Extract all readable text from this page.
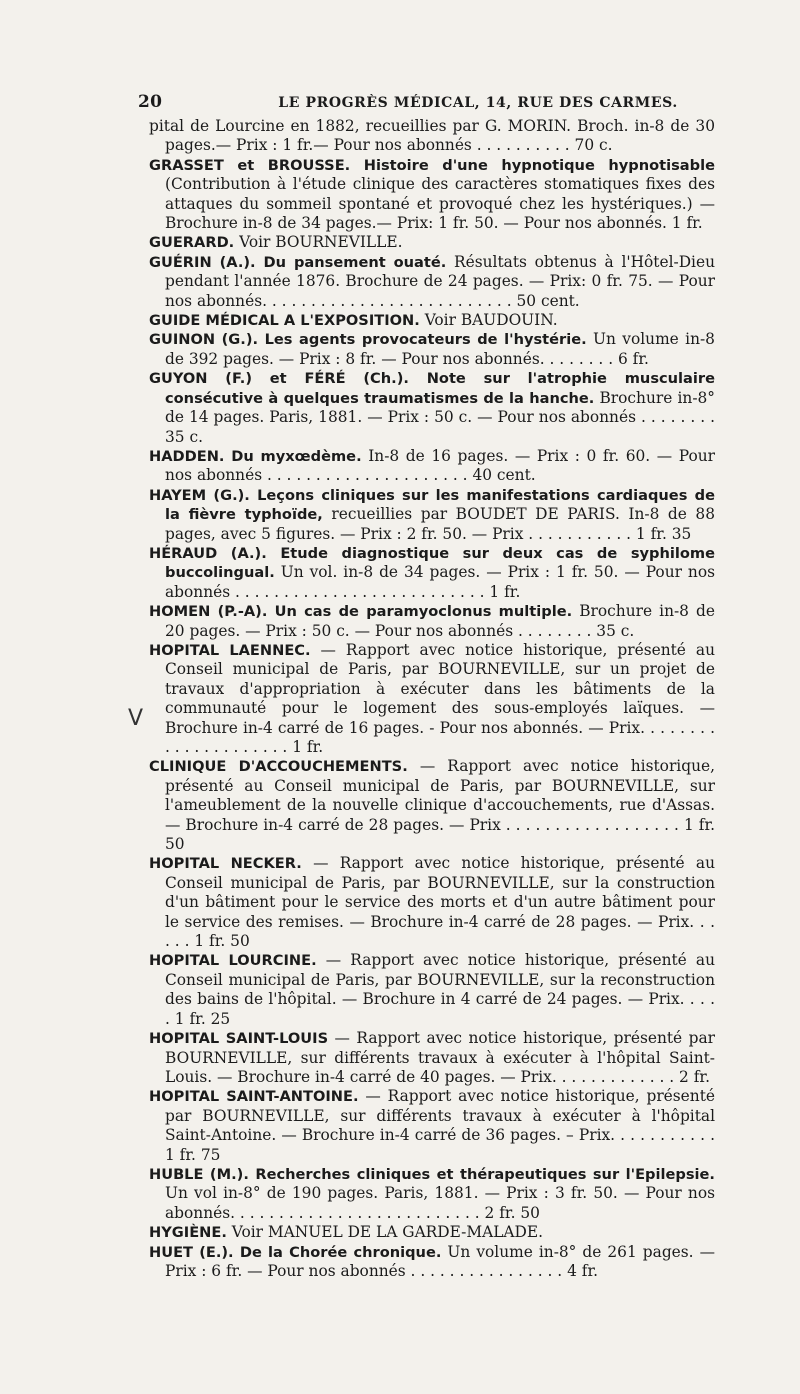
20	LE PROGRÈS MÉDICAL, 14, RUE DES CARMES.
V

pital de Lourcine en 1882, recueillies par G. MORIN. Broch. in-8 de 30 pages.— Prix : 1 fr.— Pour nos abonnés . . . . . . . . . . 70 c.

GRASSET et BROUSSE. Histoire d'une hypnotique hypnotisable (Contribution à l'étude clinique des caractères stomatiques fixes des attaques du sommeil spontané et provoqué chez les hystériques.) — Brochure in-8 de 34 pages.— Prix: 1 fr. 50. — Pour nos abonnés. 1 fr.

GUERARD. Voir BOURNEVILLE.

GUÉRIN (A.). Du pansement ouaté. Résultats obtenus à l'Hôtel-Dieu pendant l'année 1876. Brochure de 24 pages. — Prix: 0 fr. 75. — Pour nos abonnés. . . . . . . . . . . . . . . . . . . . . . . . . . 50 cent.

GUIDE MÉDICAL A L'EXPOSITION. Voir BAUDOUIN.

GUINON (G.). Les agents provocateurs de l'hystérie. Un volume in-8 de 392 pages. — Prix : 8 fr. — Pour nos abonnés. . . . . . . . 6 fr.

GUYON (F.) et FÉRÉ (Ch.). Note sur l'atrophie musculaire consécutive à quelques traumatismes de la hanche. Brochure in-8° de 14 pages. Paris, 1881. — Prix : 50 c. — Pour nos abonnés . . . . . . . . 35 c.

HADDEN. Du myxœdème. In-8 de 16 pages. — Prix : 0 fr. 60. — Pour nos abonnés . . . . . . . . . . . . . . . . . . . . . 40 cent.

HAYEM (G.). Leçons cliniques sur les manifestations cardiaques de la fièvre typhoïde, recueillies par BOUDET DE PARIS. In-8 de 88 pages, avec 5 figures. — Prix : 2 fr. 50. — Prix . . . . . . . . . . . 1 fr. 35

HÉRAUD (A.). Etude diagnostique sur deux cas de syphilome buccolingual. Un vol. in-8 de 34 pages. — Prix : 1 fr. 50. — Pour nos abonnés . . . . . . . . . . . . . . . . . . . . . . . . . . 1 fr.

HOMEN (P.-A). Un cas de paramyoclonus multiple. Brochure in-8 de 20 pages. — Prix : 50 c. — Pour nos abonnés . . . . . . . . 35 c.

HOPITAL LAENNEC. — Rapport avec notice historique, présenté au Conseil municipal de Paris, par BOURNEVILLE, sur un projet de travaux d'appropriation à exécuter dans les bâtiments de la communauté pour le logement des sous-employés laïques. — Brochure in-4 carré de 16 pages. - Pour nos abonnés. — Prix. . . . . . . . . . . . . . . . . . . . . 1 fr.

CLINIQUE D'ACCOUCHEMENTS. — Rapport avec notice historique, présenté au Conseil municipal de Paris, par BOURNEVILLE, sur l'ameublement de la nouvelle clinique d'accouchements, rue d'Assas. — Brochure in-4 carré de 28 pages. — Prix . . . . . . . . . . . . . . . . . . 1 fr. 50

HOPITAL NECKER. — Rapport avec notice historique, présenté au Conseil municipal de Paris, par BOURNEVILLE, sur la construction d'un bâtiment pour le service des morts et d'un autre bâtiment pour le service des remises. — Brochure in-4 carré de 28 pages. — Prix. . . . . . 1 fr. 50

HOPITAL LOURCINE. — Rapport avec notice historique, présenté au Conseil municipal de Paris, par BOURNEVILLE, sur la reconstruction des bains de l'hôpital. — Brochure in 4 carré de 24 pages. — Prix. . . . . 1 fr. 25

HOPITAL SAINT-LOUIS — Rapport avec notice historique, présenté par BOURNEVILLE, sur différents travaux à exécuter à l'hôpital Saint-Louis. — Brochure in-4 carré de 40 pages. — Prix. . . . . . . . . . . . . 2 fr.

HOPITAL SAINT-ANTOINE. — Rapport avec notice historique, présenté par BOURNEVILLE, sur différents travaux à exécuter à l'hôpital Saint-Antoine. — Brochure in-4 carré de 36 pages. – Prix. . . . . . . . . . . 1 fr. 75

HUBLE (M.). Recherches cliniques et thérapeutiques sur l'Epilepsie. Un vol in-8° de 190 pages. Paris, 1881. — Prix : 3 fr. 50. — Pour nos abonnés. . . . . . . . . . . . . . . . . . . . . . . . . . 2 fr. 50

HYGIÈNE. Voir MANUEL DE LA GARDE-MALADE.

HUET (E.). De la Chorée chronique. Un volume in-8° de 261 pages. — Prix : 6 fr. — Pour nos abonnés . . . . . . . . . . . . . . . . 4 fr.
